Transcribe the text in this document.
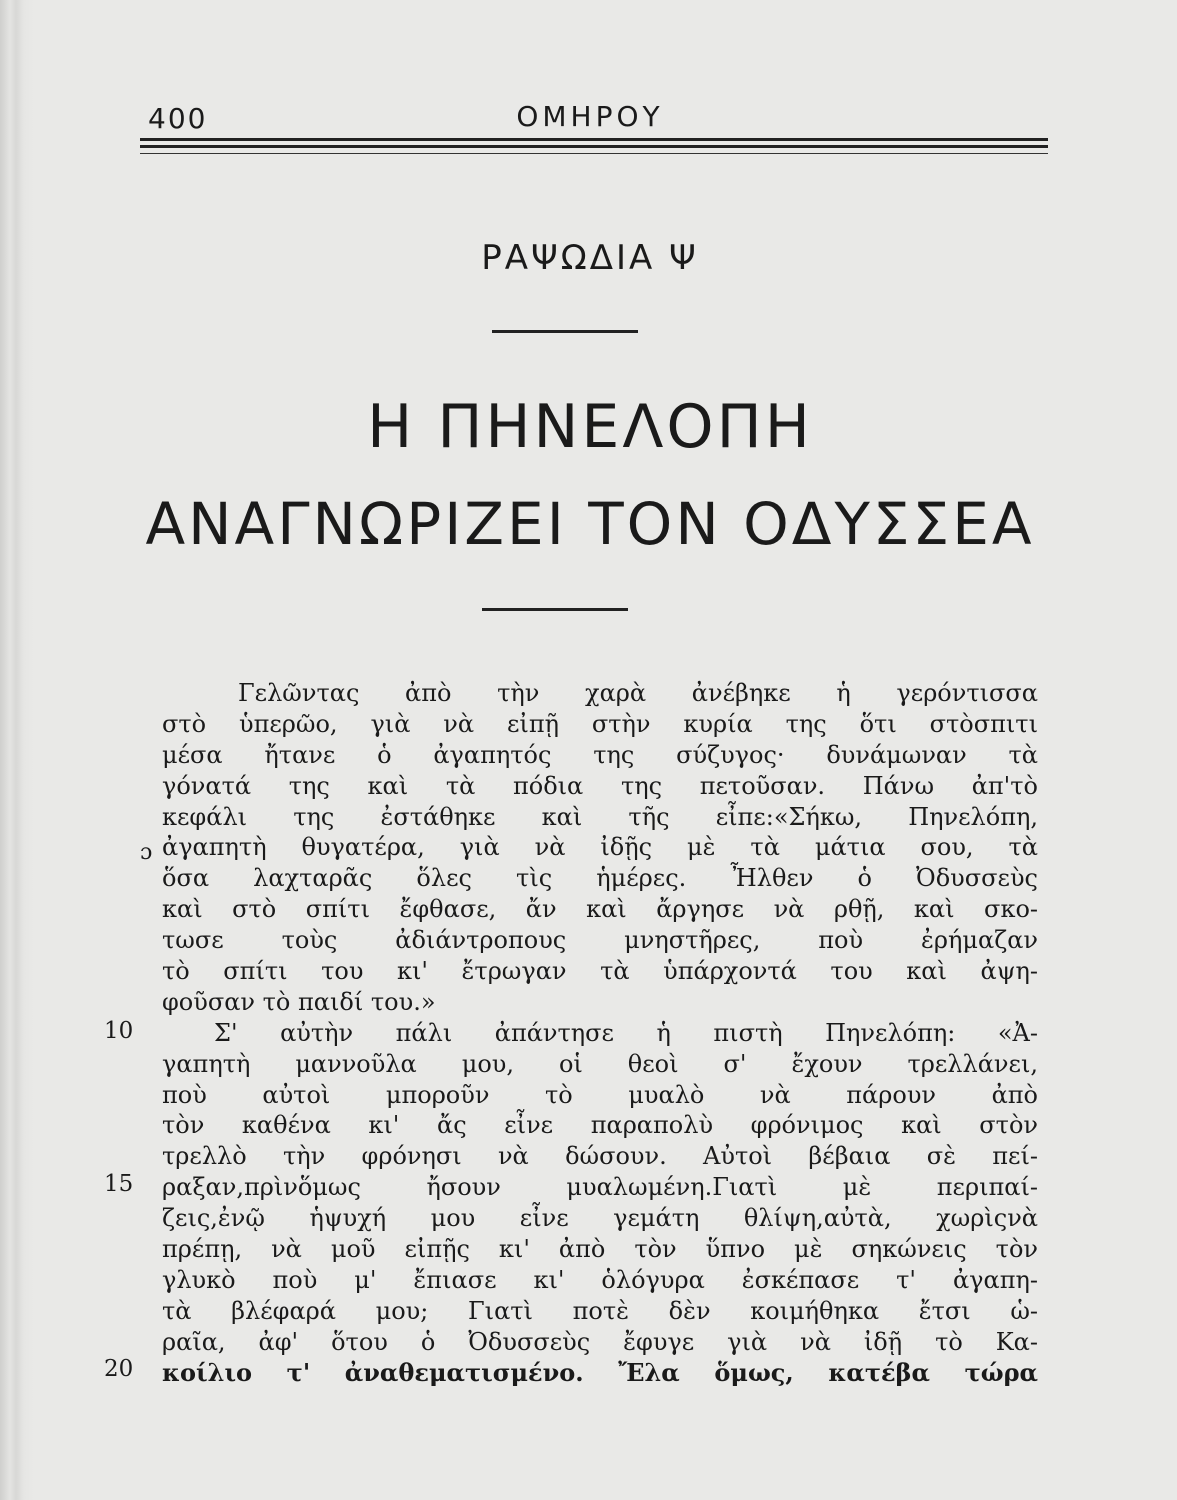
400	ΟΜΗΡΟΥ
ΡΑΨΩΔΙΑ Ψ
Η ΠΗΝΕΛΟΠΗ
ΑΝΑΓΝΩΡΙΖΕΙ ΤΟΝ ΟΔΥΣΣΕΑ
ɔ
10
15
20
Γελῶντας ἀπὸ τὴν χαρὰ ἀνέβηκε ἡ γερόντισσα
στὸ ὑπερῶο, γιὰ νὰ εἰπῇ στὴν κυρία της ὅτι στὸσπιτι
μέσα ἤτανε ὁ ἀγαπητός της σύζυγος· δυνάμωναν τὰ
γόνατά της καὶ τὰ πόδια της πετοῦσαν. Πάνω ἀπ'τὸ
κεφάλι της ἐστάθηκε καὶ τῆς εἶπε:«Σήκω, Πηνελόπη,
ἀγαπητὴ θυγατέρα, γιὰ νὰ ἰδῇς μὲ τὰ μάτια σου, τὰ
ὅσα λαχταρᾶς ὅλες τὶς ἡμέρες. Ἦλθεν ὁ Ὀδυσσεὺς
καὶ στὸ σπίτι ἔφθασε, ἄν καὶ ἄργησε νὰ ρθῇ, καὶ σκο-
τωσε τοὺς ἀδιάντροπους μνηστῆρες, ποὺ ἐρήμαζαν
τὸ σπίτι του κι' ἔτρωγαν τὰ ὑπάρχοντά του καὶ ἀψη-
φοῦσαν τὸ παιδί του.»
Σ' αὐτὴν πάλι ἀπάντησε ἡ πιστὴ Πηνελόπη: «Ἀ-
γαπητὴ μαννοῦλα μου, οἱ θεοὶ σ' ἔχουν τρελλάνει,
ποὺ αὐτοὶ μποροῦν τὸ μυαλὸ νὰ πάρουν ἀπὸ
τὸν καθένα κι' ἄς εἶνε παραπολὺ φρόνιμος καὶ στὸν
τρελλὸ τὴν φρόνησι νὰ δώσουν. Αὐτοὶ βέβαια σὲ πεί-
ραξαν,πρὶνὅμως ἤσουν μυαλωμένη.Γιατὶ μὲ περιπαί-
ζεις,ἐνῷ ἡψυχή μου εἶνε γεμάτη θλίψη,αὐτὰ, χωρὶςνὰ
πρέπῃ, νὰ μοῦ εἰπῇς κι' ἀπὸ τὸν ὕπνο μὲ σηκώνεις τὸν
γλυκὸ ποὺ μ' ἔπιασε κι' ὁλόγυρα ἐσκέπασε τ' ἀγαπη-
τὰ βλέφαρά μου; Γιατὶ ποτὲ δὲν κοιμήθηκα ἔτσι ὡ-
ραῖα, ἀφ' ὅτου ὁ Ὀδυσσεὺς ἔφυγε γιὰ νὰ ἰδῇ τὸ Κα-
κοίλιο τ' ἀναθεματισμένο. Ἔλα ὅμως, κατέβα τώρα
